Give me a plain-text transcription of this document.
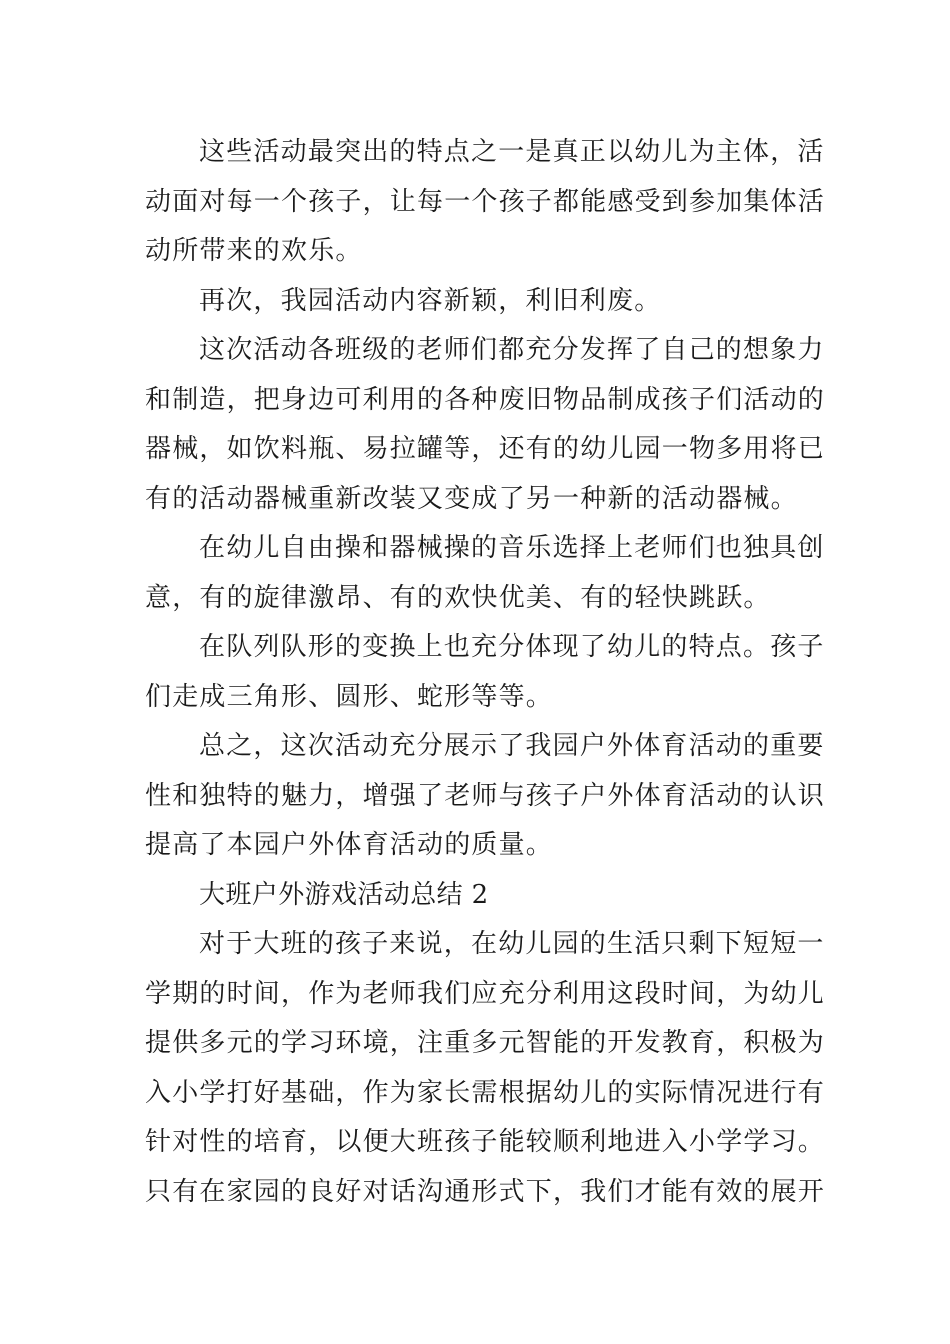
这些活动最突出的特点之一是真正以幼儿为主体，活
动面对每一个孩子，让每一个孩子都能感受到参加集体活
动所带来的欢乐。

再次，我园活动内容新颖，利旧利废。

这次活动各班级的老师们都充分发挥了自己的想象力
和制造，把身边可利用的各种废旧物品制成孩子们活动的
器械，如饮料瓶、易拉罐等，还有的幼儿园一物多用将已
有的活动器械重新改装又变成了另一种新的活动器械。

在幼儿自由操和器械操的音乐选择上老师们也独具创
意，有的旋律激昂、有的欢快优美、有的轻快跳跃。

在队列队形的变换上也充分体现了幼儿的特点。孩子
们走成三角形、圆形、蛇形等等。

总之，这次活动充分展示了我园户外体育活动的重要
性和独特的魅力，增强了老师与孩子户外体育活动的认识
提高了本园户外体育活动的质量。

大班户外游戏活动总结 2

对于大班的孩子来说，在幼儿园的生活只剩下短短一
学期的时间，作为老师我们应充分利用这段时间，为幼儿
提供多元的学习环境，注重多元智能的开发教育，积极为
入小学打好基础，作为家长需根据幼儿的实际情况进行有
针对性的培育，以便大班孩子能较顺利地进入小学学习。
只有在家园的良好对话沟通形式下，我们才能有效的展开
